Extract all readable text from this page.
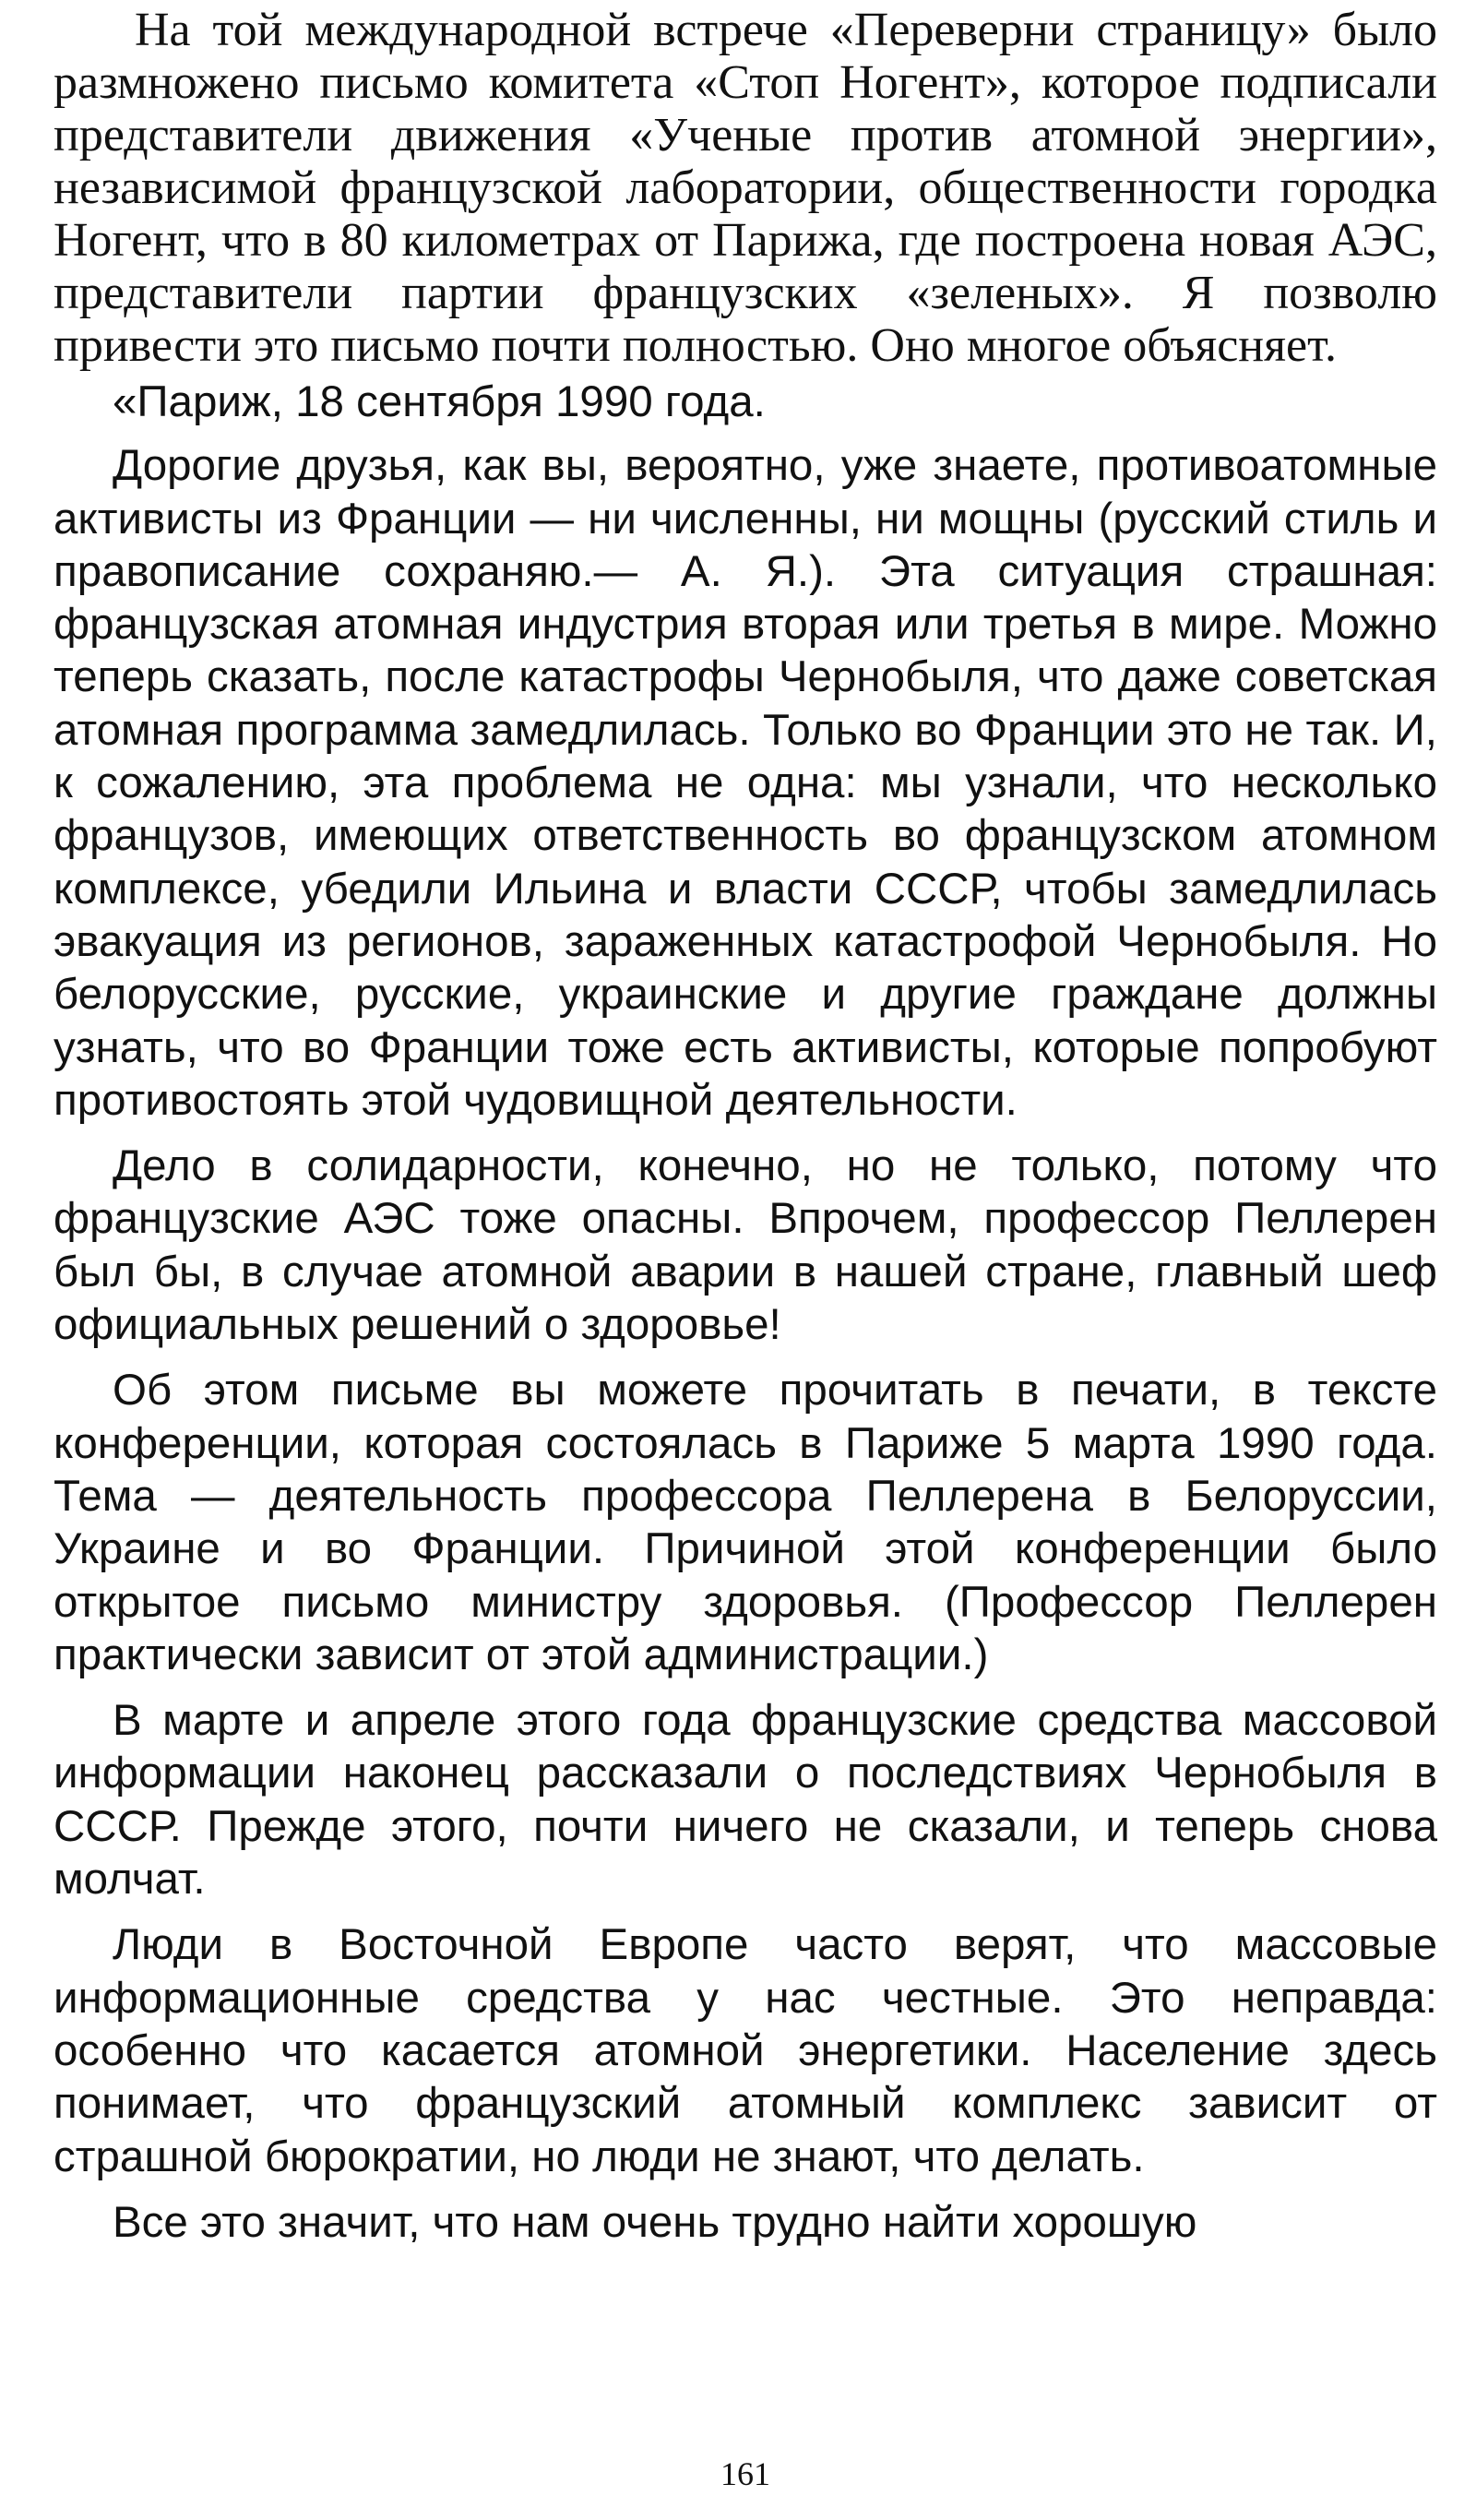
На той международной встрече «Переверни страницу» было размножено письмо комитета «Стоп Ногент», которое подписали представители движения «Ученые против атомной энергии», независимой французской лаборатории, общественности городка Ногент, что в 80 километрах от Парижа, где построена новая АЭС, представители партии французских «зеленых». Я позволю привести это письмо почти полностью. Оно многое объясняет.

«Париж, 18 сентября 1990 года.

Дорогие друзья, как вы, вероятно, уже знаете, противоатомные активисты из Франции — ни численны, ни мощны (русский стиль и правописание сохраняю.— А. Я.). Эта ситуация страшная: французская атомная индустрия вторая или третья в мире. Можно теперь сказать, после катастрофы Чернобыля, что даже советская атомная программа замедлилась. Только во Франции это не так. И, к сожалению, эта проблема не одна: мы узнали, что несколько французов, имеющих ответственность во французском атомном комплексе, убедили Ильина и власти СССР, чтобы замедлилась эвакуация из регионов, зараженных катастрофой Чернобыля. Но белорусские, русские, украинские и другие граждане должны узнать, что во Франции тоже есть активисты, которые попробуют противостоять этой чудовищной деятельности.

Дело в солидарности, конечно, но не только, потому что французские АЭС тоже опасны. Впрочем, профессор Пеллерен был бы, в случае атомной аварии в нашей стране, главный шеф официальных решений о здоровье!

Об этом письме вы можете прочитать в печати, в тексте конференции, которая состоялась в Париже 5 марта 1990 года. Тема — деятельность профессора Пеллерена в Белоруссии, Украине и во Франции. Причиной этой конференции было открытое письмо министру здоровья. (Профессор Пеллерен практически зависит от этой администрации.)

В марте и апреле этого года французские средства массовой информации наконец рассказали о последствиях Чернобыля в СССР. Прежде этого, почти ничего не сказали, и теперь снова молчат.

Люди в Восточной Европе часто верят, что массовые информационные средства у нас честные. Это неправда: особенно что касается атомной энергетики. Население здесь понимает, что французский атомный комплекс зависит от страшной бюрократии, но люди не знают, что делать.

Все это значит, что нам очень трудно найти хорошую

161
